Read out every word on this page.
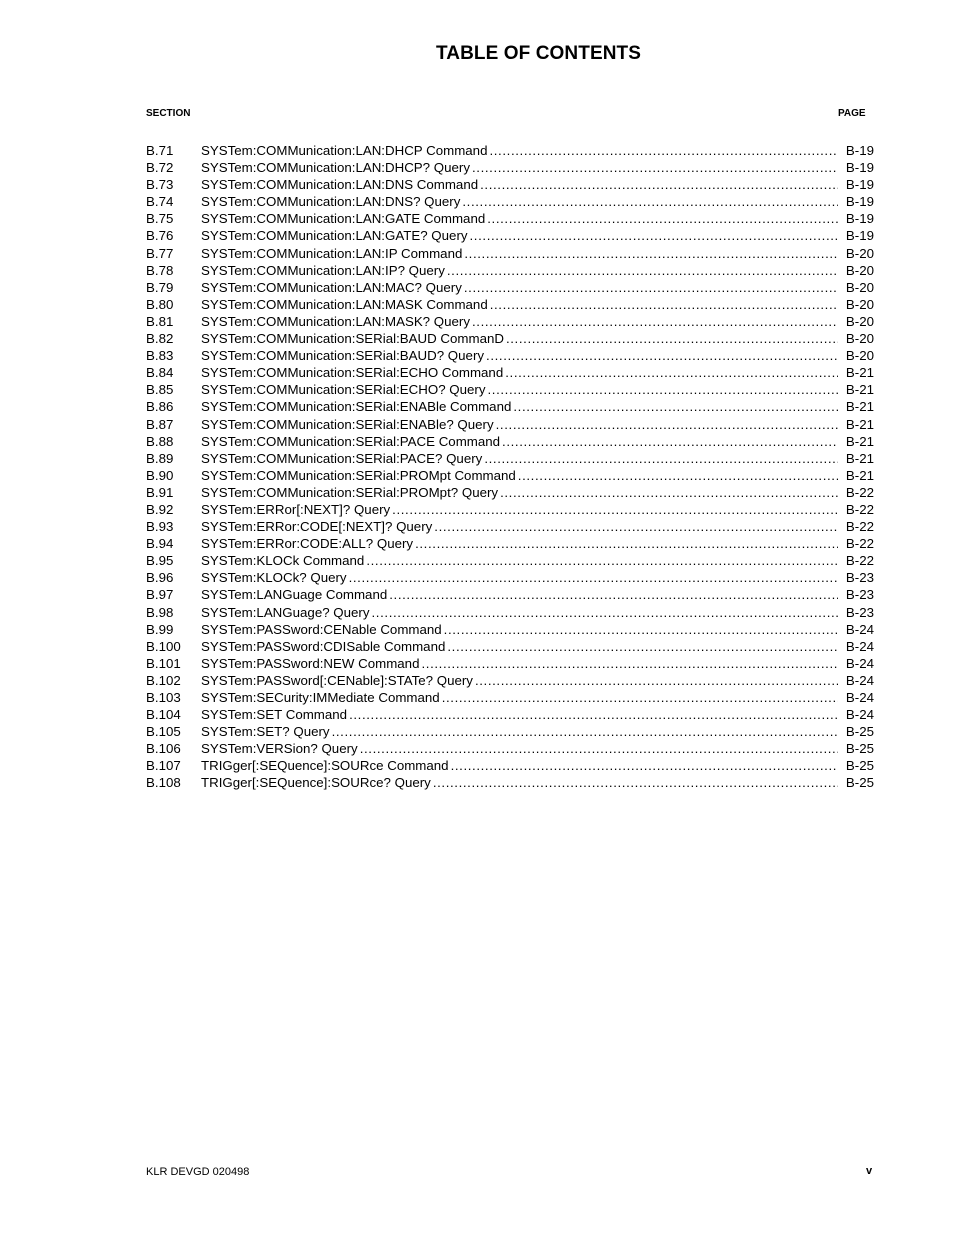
TABLE OF CONTENTS
SECTION	PAGE
B.71	SYSTem:COMMunication:LAN:DHCP Command .....	B-19
B.72	SYSTem:COMMunication:LAN:DHCP? Query .....	B-19
B.73	SYSTem:COMMunication:LAN:DNS Command .....	B-19
B.74	SYSTem:COMMunication:LAN:DNS? Query .....	B-19
B.75	SYSTem:COMMunication:LAN:GATE Command .....	B-19
B.76	SYSTem:COMMunication:LAN:GATE? Query .....	B-19
B.77	SYSTem:COMMunication:LAN:IP Command .....	B-20
B.78	SYSTem:COMMunication:LAN:IP? Query .....	B-20
B.79	SYSTem:COMMunication:LAN:MAC? Query .....	B-20
B.80	SYSTem:COMMunication:LAN:MASK Command .....	B-20
B.81	SYSTem:COMMunication:LAN:MASK? Query .....	B-20
B.82	SYSTem:COMMunication:SERial:BAUD CommanD .....	B-20
B.83	SYSTem:COMMunication:SERial:BAUD? Query .....	B-20
B.84	SYSTem:COMMunication:SERial:ECHO Command .....	B-21
B.85	SYSTem:COMMunication:SERial:ECHO? Query .....	B-21
B.86	SYSTem:COMMunication:SERial:ENABle Command .....	B-21
B.87	SYSTem:COMMunication:SERial:ENABle? Query .....	B-21
B.88	SYSTem:COMMunication:SERial:PACE Command .....	B-21
B.89	SYSTem:COMMunication:SERial:PACE? Query .....	B-21
B.90	SYSTem:COMMunication:SERial:PROMpt Command .....	B-21
B.91	SYSTem:COMMunication:SERial:PROMpt? Query .....	B-22
B.92	SYSTem:ERRor[:NEXT]? Query .....	B-22
B.93	SYSTem:ERRor:CODE[:NEXT]? Query .....	B-22
B.94	SYSTem:ERRor:CODE:ALL? Query .....	B-22
B.95	SYSTem:KLOCk Command .....	B-22
B.96	SYSTem:KLOCk? Query .....	B-23
B.97	SYSTem:LANGuage Command .....	B-23
B.98	SYSTem:LANGuage? Query .....	B-23
B.99	SYSTem:PASSword:CENable Command .....	B-24
B.100	SYSTem:PASSword:CDISable Command .....	B-24
B.101	SYSTem:PASSword:NEW Command .....	B-24
B.102	SYSTem:PASSword[:CENable]:STATe? Query .....	B-24
B.103	SYSTem:SECurity:IMMediate Command .....	B-24
B.104	SYSTem:SET Command .....	B-24
B.105	SYSTem:SET? Query .....	B-25
B.106	SYSTem:VERSion? Query .....	B-25
B.107	TRIGger[:SEQuence]:SOURce Command .....	B-25
B.108	TRIGger[:SEQuence]:SOURce? Query .....	B-25
KLR DEVGD 020498	v
